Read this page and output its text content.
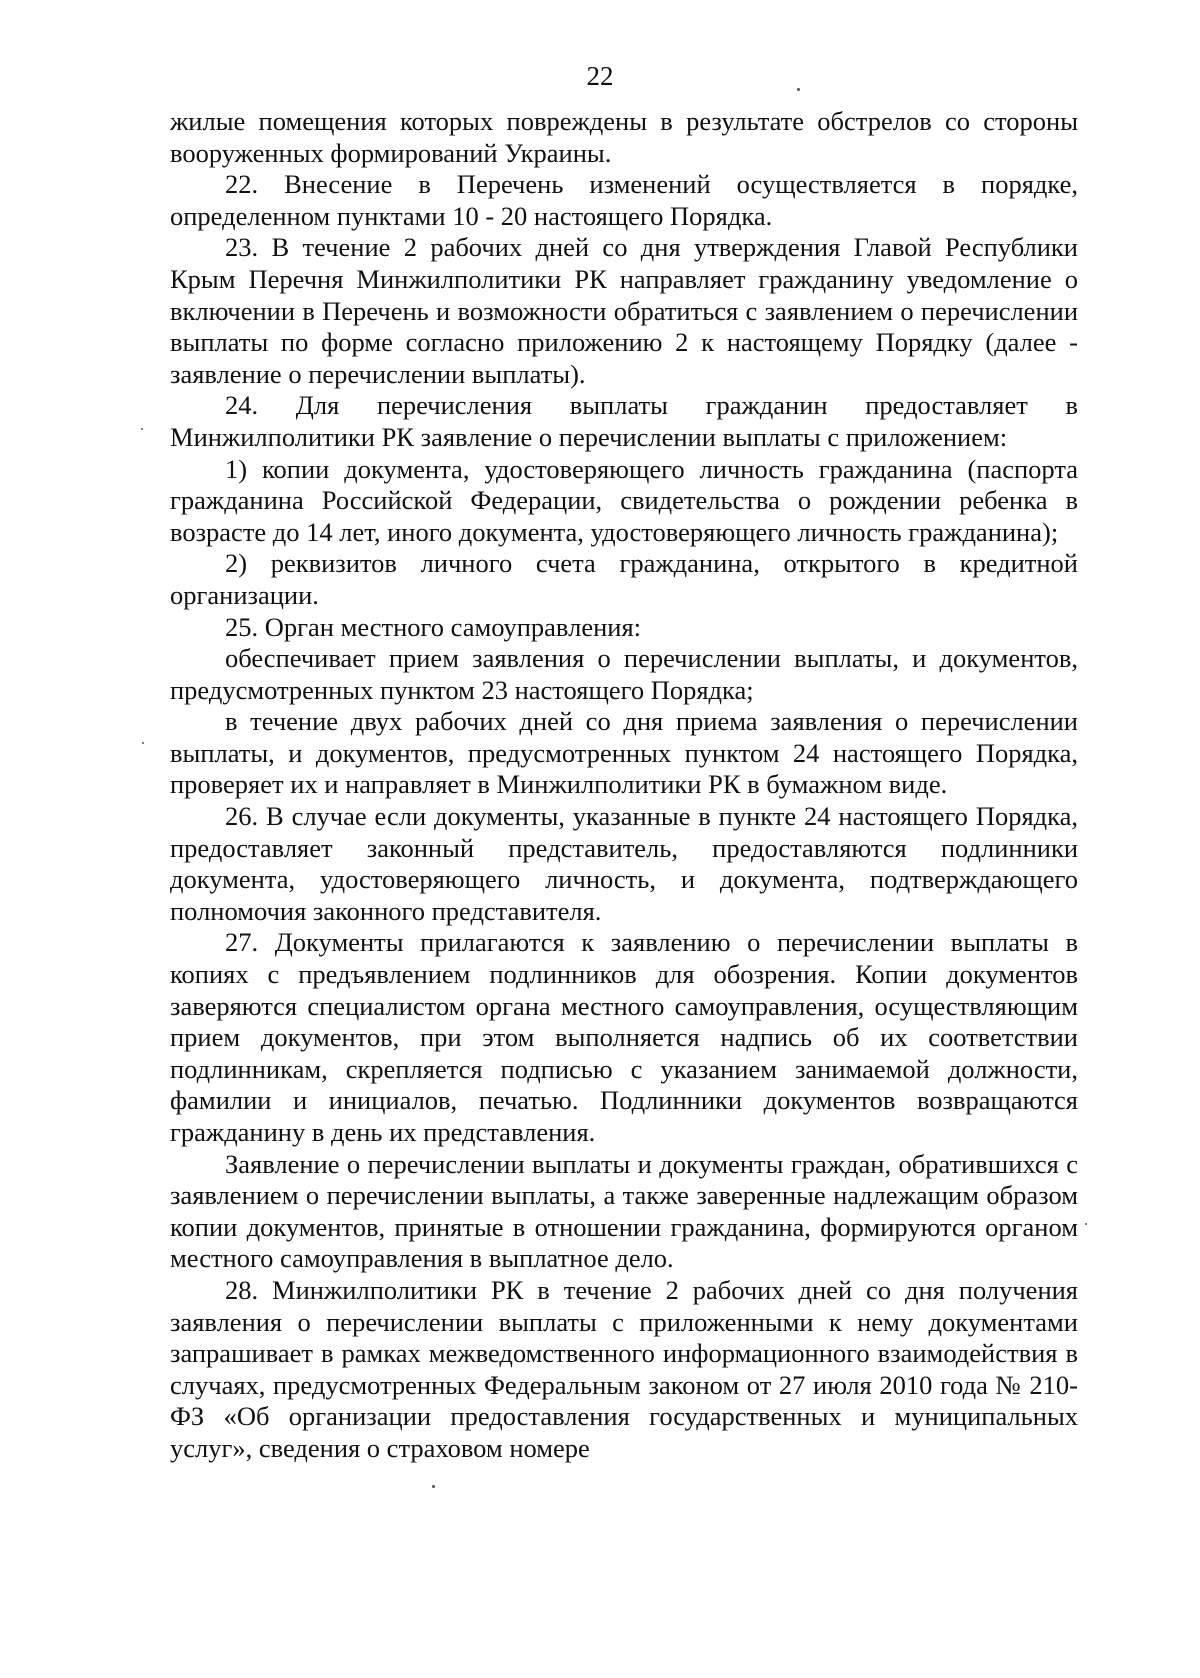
22

жилые помещения которых повреждены в результате обстрелов со стороны вооруженных формирований Украины.

22. Внесение в Перечень изменений осуществляется в порядке, определенном пунктами 10 - 20 настоящего Порядка.

23. В течение 2 рабочих дней со дня утверждения Главой Республики Крым Перечня Минжилполитики РК направляет гражданину уведомление о включении в Перечень и возможности обратиться с заявлением о перечислении выплаты по форме согласно приложению 2 к настоящему Порядку (далее - заявление о перечислении выплаты).

24. Для перечисления выплаты гражданин предоставляет в Минжилполитики РК заявление о перечислении выплаты с приложением:

1) копии документа, удостоверяющего личность гражданина (паспорта гражданина Российской Федерации, свидетельства о рождении ребенка в возрасте до 14 лет, иного документа, удостоверяющего личность гражданина);

2) реквизитов личного счета гражданина, открытого в кредитной организации.

25. Орган местного самоуправления:

обеспечивает прием заявления о перечислении выплаты, и документов, предусмотренных пунктом 23 настоящего Порядка;

в течение двух рабочих дней со дня приема заявления о перечислении выплаты, и документов, предусмотренных пунктом 24 настоящего Порядка, проверяет их и направляет в Минжилполитики РК в бумажном виде.

26. В случае если документы, указанные в пункте 24 настоящего Порядка, предоставляет законный представитель, предоставляются подлинники документа, удостоверяющего личность, и документа, подтверждающего полномочия законного представителя.

27. Документы прилагаются к заявлению о перечислении выплаты в копиях с предъявлением подлинников для обозрения. Копии документов заверяются специалистом органа местного самоуправления, осуществляющим прием документов, при этом выполняется надпись об их соответствии подлинникам, скрепляется подписью с указанием занимаемой должности, фамилии и инициалов, печатью. Подлинники документов возвращаются гражданину в день их представления.

Заявление о перечислении выплаты и документы граждан, обратившихся с заявлением о перечислении выплаты, а также заверенные надлежащим образом копии документов, принятые в отношении гражданина, формируются органом местного самоуправления в выплатное дело.

28. Минжилполитики РК в течение 2 рабочих дней со дня получения заявления о перечислении выплаты с приложенными к нему документами запрашивает в рамках межведомственного информационного взаимодействия в случаях, предусмотренных Федеральным законом от 27 июля 2010 года № 210-ФЗ «Об организации предоставления государственных и муниципальных услуг», сведения о страховом номере
